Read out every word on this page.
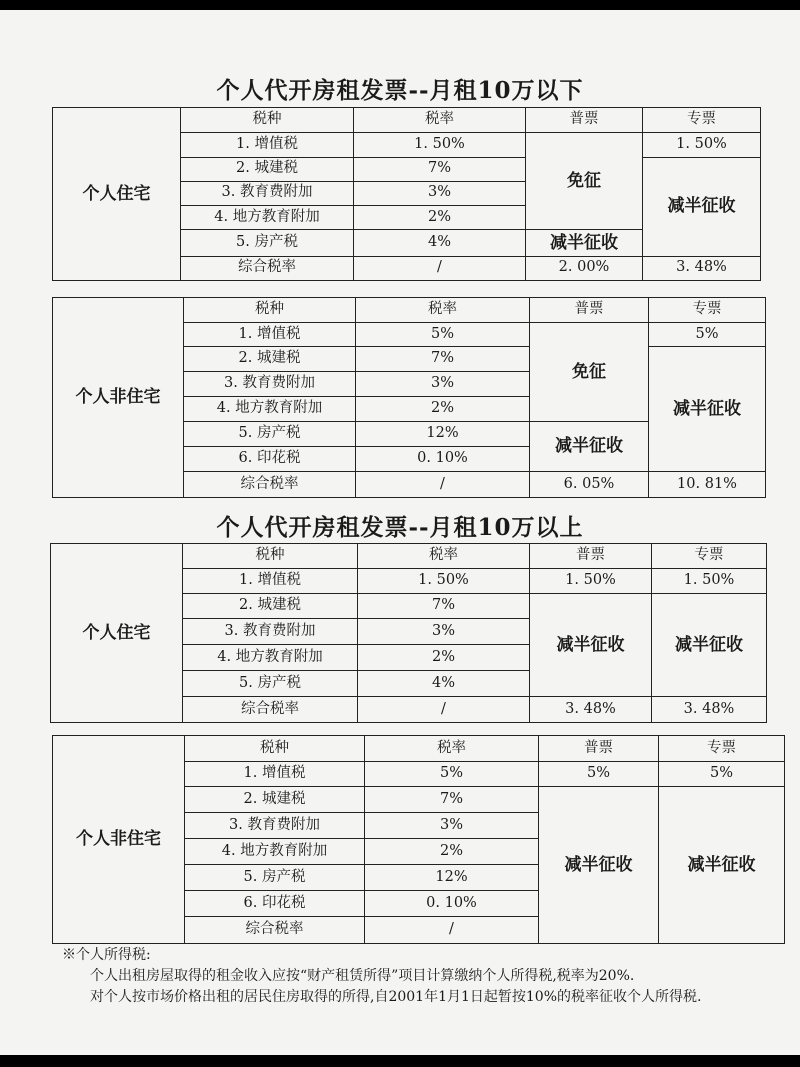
个人代开房租发票--月租10万以下
个人住宅	税种	税率	普票	专票
	1. 增值税	1. 50%	免征	1. 50%
	2. 城建税	7%		减半征收
	3. 教育费附加	3%		
	4. 地方教育附加	2%		
	5. 房产税	4%	减半征收	
	综合税率	/	2. 00%	3. 48%
个人非住宅	税种	税率	普票	专票
	1. 增值税	5%	免征	5%
	2. 城建税	7%		减半征收
	3. 教育费附加	3%		
	4. 地方教育附加	2%		
	5. 房产税	12%	减半征收	
	6. 印花税	0. 10%		
	综合税率	/	6. 05%	10. 81%
个人代开房租发票--月租10万以上
个人住宅	税种	税率	普票	专票
	1. 增值税	1. 50%	1. 50%	1. 50%
	2. 城建税	7%	减半征收	减半征收
	3. 教育费附加	3%		
	4. 地方教育附加	2%		
	5. 房产税	4%		
	综合税率	/	3. 48%	3. 48%
个人非住宅	税种	税率	普票	专票	
	1. 增值税	5%	5%	5%	
	2. 城建税	7%	减半征收	减半征收	
	3. 教育费附加	3%			
	4. 地方教育附加	2%			
	5. 房产税	12%			
	6. 印花税	0. 10%			
	综合税率	/		

※个人所得税:

个人出租房屋取得的租金收入应按“财产租赁所得”项目计算缴纳个人所得税,税率为20%.

对个人按市场价格出租的居民住房取得的所得,自2001年1月1日起暂按10%的税率征收个人所得税.
